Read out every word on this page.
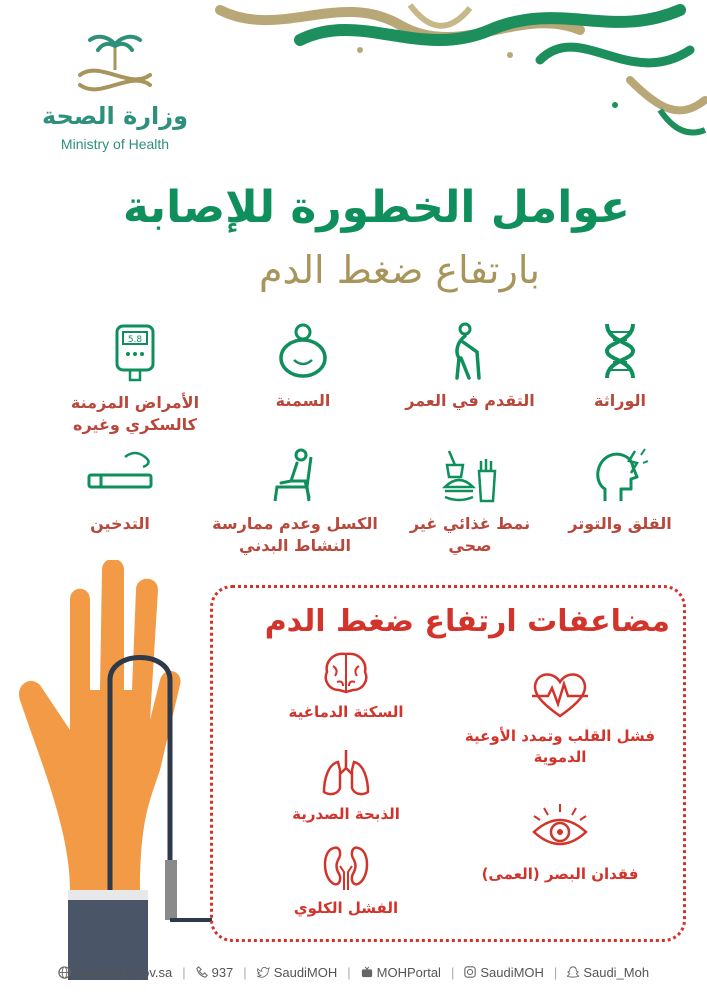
وزارة الصحة
Ministry of Health
عوامل الخطورة للإصابة
بارتفاع ضغط الدم
الوراثة
التقدم في العمر
السمنة
5.8
الأمراض المزمنة كالسكري وغيره
القلق والتوتر
نمط غذائي غير صحي
الكسل وعدم ممارسة النشاط البدني
التدخين
مضاعفات ارتفاع ضغط الدم
السكتة الدماغية
فشل القلب وتمدد الأوعية الدموية
الذبحة الصدرية
فقدان البصر (العمى)
الفشل الكلوي
www.moh.gov.sa | 937 | SaudiMOH | MOHPortal | SaudiMOH | Saudi_Moh
